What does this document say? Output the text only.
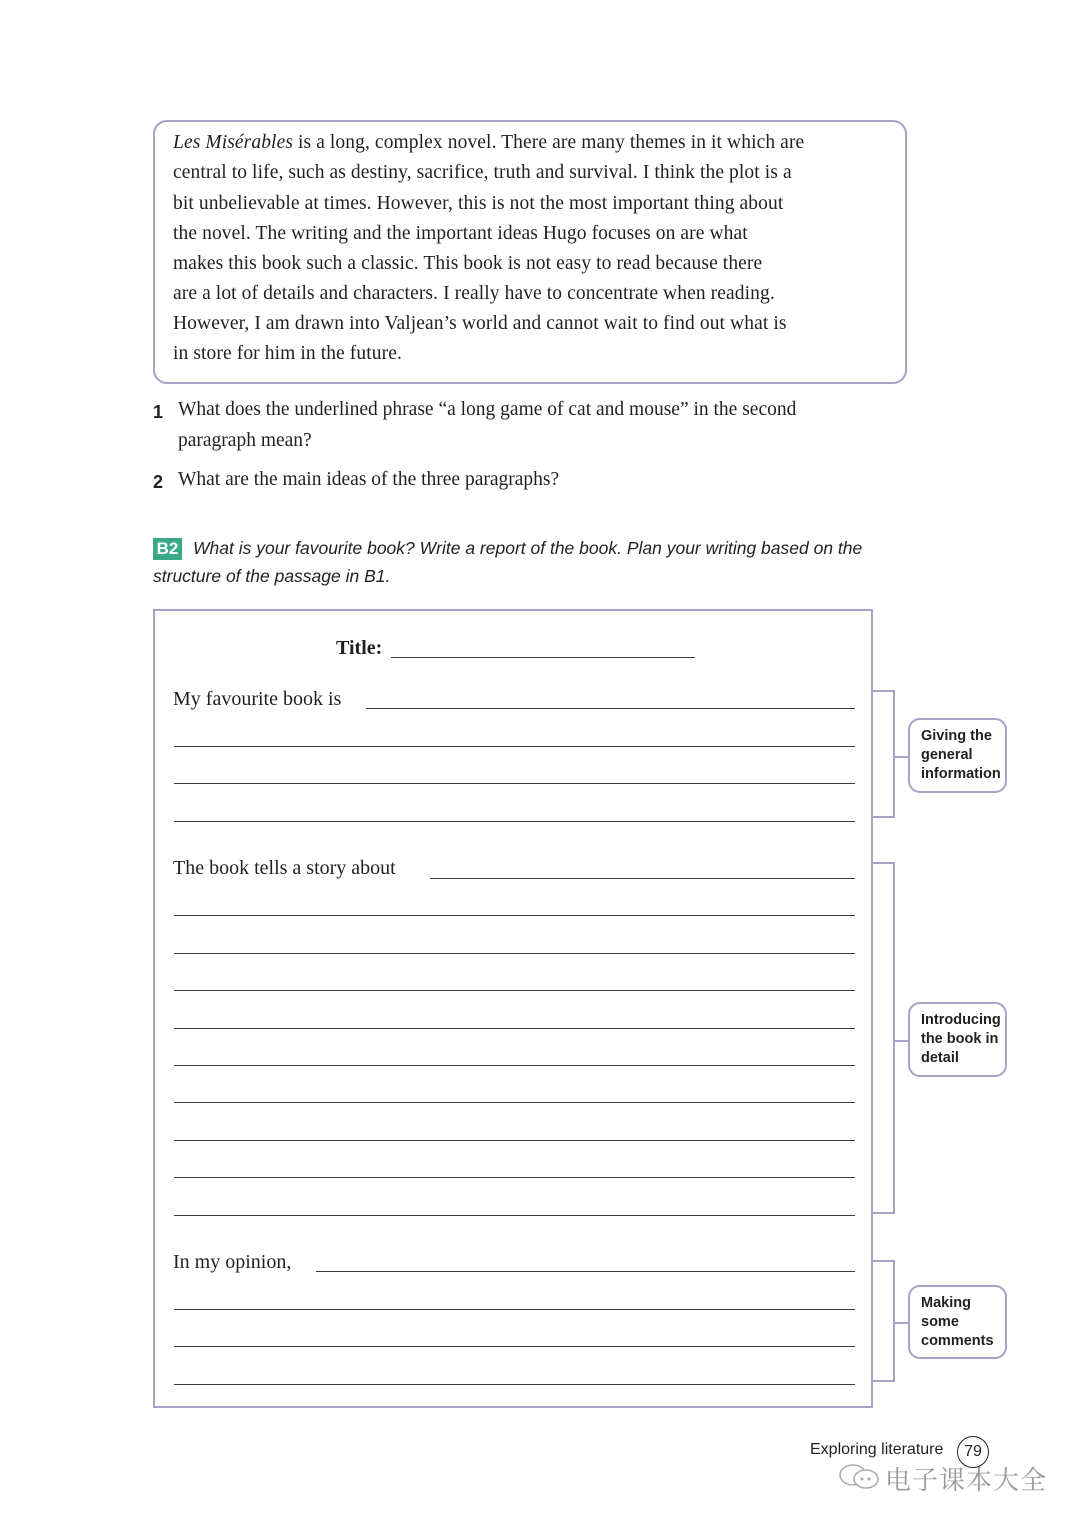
Les Misérables is a long, complex novel. There are many themes in it which are
central to life, such as destiny, sacrifice, truth and survival. I think the plot is a
bit unbelievable at times. However, this is not the most important thing about
the novel. The writing and the important ideas Hugo focuses on are what
makes this book such a classic. This book is not easy to read because there
are a lot of details and characters. I really have to concentrate when reading.
However, I am drawn into Valjean’s world and cannot wait to find out what is
in store for him in the future.
1 What does the underlined phrase “a long game of cat and mouse” in the second
paragraph mean?
2 What are the main ideas of the three paragraphs?
B2 What is your favourite book? Write a report of the book. Plan your writing based on the
structure of the passage in B1.
Title:
My favourite book is
Giving the
general
information
The book tells a story about
Introducing
the book in
detail
In my opinion,
Making
some
comments
Exploring literature	79
电子课本大全
